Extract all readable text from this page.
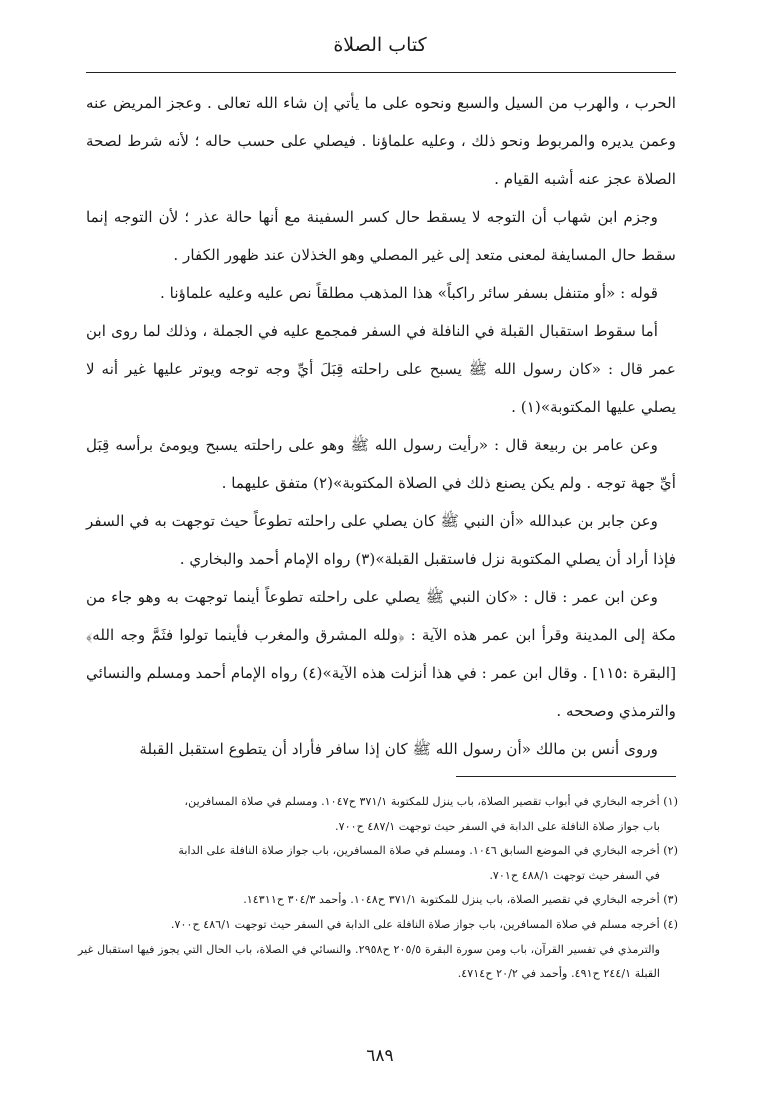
كتاب الصلاة

الحرب ، والهرب من السيل والسبع ونحوه على ما يأتي إن شاء الله تعالى . وعجز المريض عنه وعمن يديره والمربوط ونحو ذلك ، وعليه علماؤنا . فيصلي على حسب حاله ؛ لأنه شرط لصحة الصلاة عجز عنه أشبه القيام .

وجزم ابن شهاب أن التوجه لا يسقط حال كسر السفينة مع أنها حالة عذر ؛ لأن التوجه إنما سقط حال المسايفة لمعنى متعد إلى غير المصلي وهو الخذلان عند ظهور الكفار .

قوله : «أو متنفل بسفر سائر راكباً» هذا المذهب مطلقاً نص عليه وعليه علماؤنا .

أما سقوط استقبال القبلة في النافلة في السفر فمجمع عليه في الجملة ، وذلك لما روى ابن عمر قال : «كان رسول الله ﷺ يسبح على راحلته قِبَلَ أيِّ وجه توجه ويوتر عليها غير أنه لا يصلي عليها المكتوبة»(١) .

وعن عامر بن ربيعة قال : «رأيت رسول الله ﷺ وهو على راحلته يسبح ويومئ برأسه قِبَل أيِّ جهة توجه . ولم يكن يصنع ذلك في الصلاة المكتوبة»(٢) متفق عليهما .

وعن جابر بن عبدالله «أن النبي ﷺ كان يصلي على راحلته تطوعاً حيث توجهت به في السفر فإذا أراد أن يصلي المكتوبة نزل فاستقبل القبلة»(٣) رواه الإمام أحمد والبخاري .

وعن ابن عمر : قال : «كان النبي ﷺ يصلي على راحلته تطوعاً أينما توجهت به وهو جاء من مكة إلى المدينة وقرأ ابن عمر هذه الآية : ﴿ولله المشرق والمغرب فأينما تولوا فثَمَّ وجه الله﴾ [البقرة :١١٥] . وقال ابن عمر : في هذا أنزلت هذه الآية»(٤) رواه الإمام أحمد ومسلم والنسائي والترمذي وصححه .

وروى أنس بن مالك «أن رسول الله ﷺ كان إذا سافر فأراد أن يتطوع استقبل القبلة

(١) أخرجه البخاري في أبواب تقصير الصلاة، باب ينزل للمكتوبة ٣٧١/١ ح١٠٤٧. ومسلم في صلاة المسافرين،

باب جواز صلاة النافلة على الدابة في السفر حيث توجهت ٤٨٧/١ ح٧٠٠.

(٢) أخرجه البخاري في الموضع السابق ١٠٤٦. ومسلم في صلاة المسافرين، باب جواز صلاة النافلة على الدابة

في السفر حيث توجهت ٤٨٨/١ ح٧٠١.

(٣) أخرجه البخاري في تقصير الصلاة، باب ينزل للمكتوبة ٣٧١/١ ح١٠٤٨. وأحمد ٣٠٤/٣ ح١٤٣١١.

(٤) أخرجه مسلم في صلاة المسافرين، باب جواز صلاة النافلة على الدابة في السفر حيث توجهت ٤٨٦/١ ح٧٠٠.

والترمذي في تفسير القرآن، باب ومن سورة البقرة ٢٠٥/٥ ح٢٩٥٨. والنسائي في الصلاة، باب الحال التي يجوز فيها استقبال غير القبلة ٢٤٤/١ ح٤٩١. وأحمد في ٢٠/٢ ح٤٧١٤.

٦٨٩
